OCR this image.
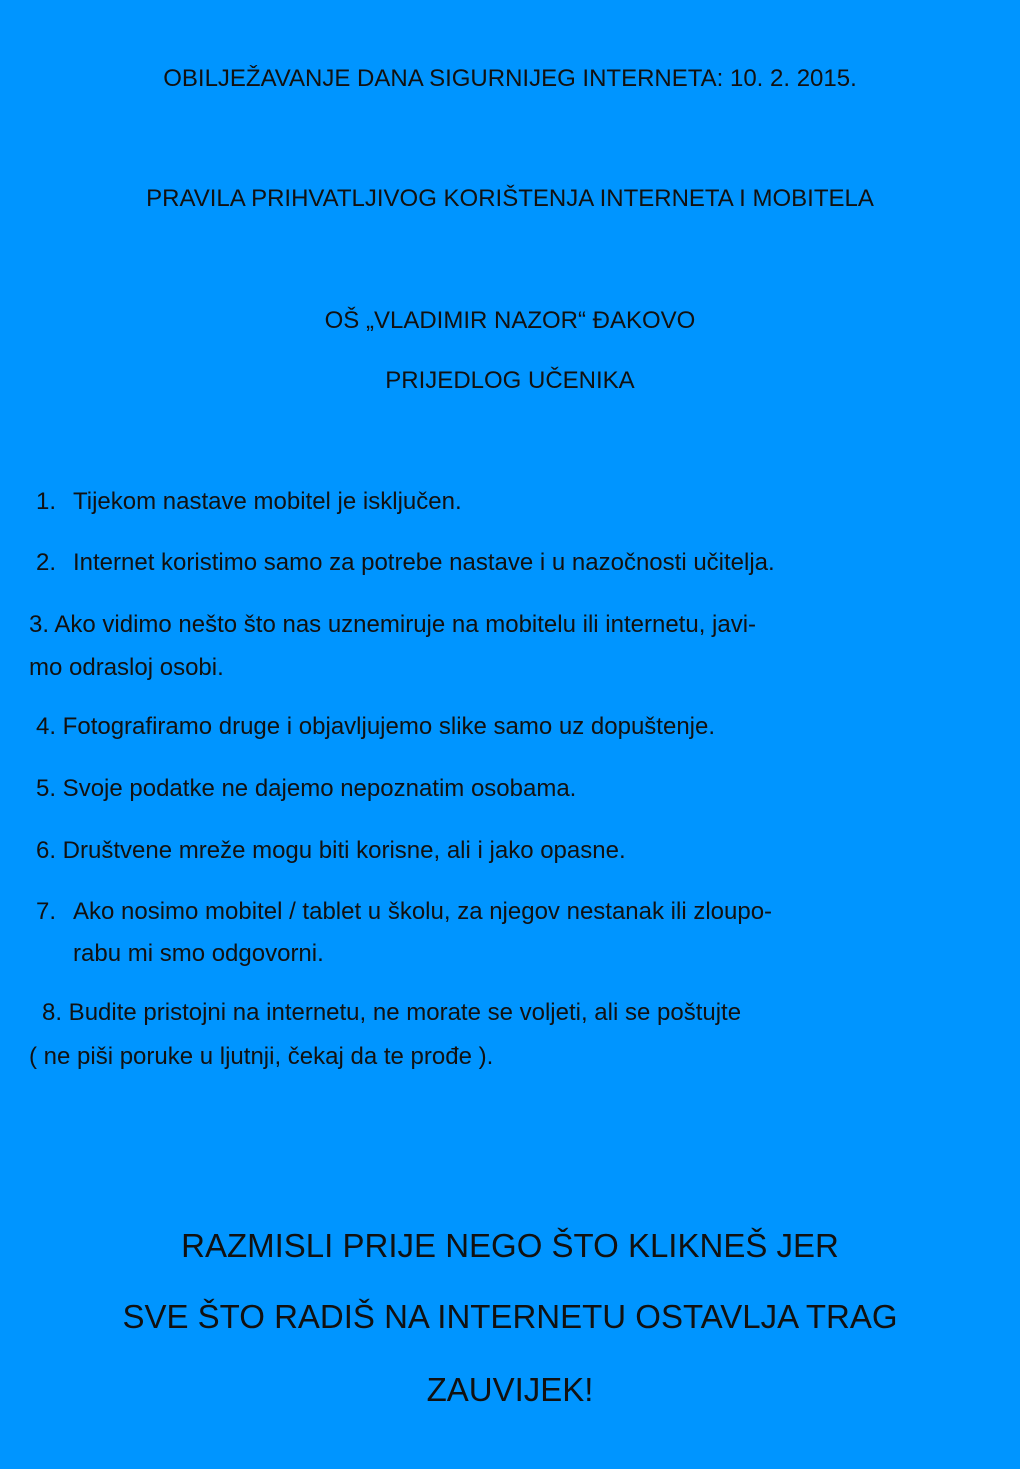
OBILJEŽAVANJE DANA SIGURNIJEG INTERNETA: 10. 2. 2015.
PRAVILA PRIHVATLJIVOG KORIŠTENJA INTERNETA I MOBITELA
OŠ „VLADIMIR NAZOR“ ĐAKOVO
PRIJEDLOG UČENIKA
1. Tijekom nastave mobitel je isključen.
2. Internet koristimo samo za potrebe nastave i u nazočnosti učitelja.
3. Ako vidimo nešto što nas uznemiruje na mobitelu ili internetu, javi-
mo odrasloj osobi.
4. Fotografiramo druge i objavljujemo slike samo uz dopuštenje.
5. Svoje podatke ne dajemo nepoznatim osobama.
6. Društvene mreže mogu biti korisne, ali i jako opasne.
7. Ako nosimo mobitel / tablet u školu, za njegov nestanak ili zloupo-
rabu mi smo odgovorni.
8. Budite pristojni na internetu, ne morate se voljeti, ali se poštujte
( ne piši poruke u ljutnji, čekaj da te prođe ).
RAZMISLI PRIJE NEGO ŠTO KLIKNEŠ JER
SVE ŠTO RADIŠ NA INTERNETU OSTAVLJA TRAG
ZAUVIJEK!
